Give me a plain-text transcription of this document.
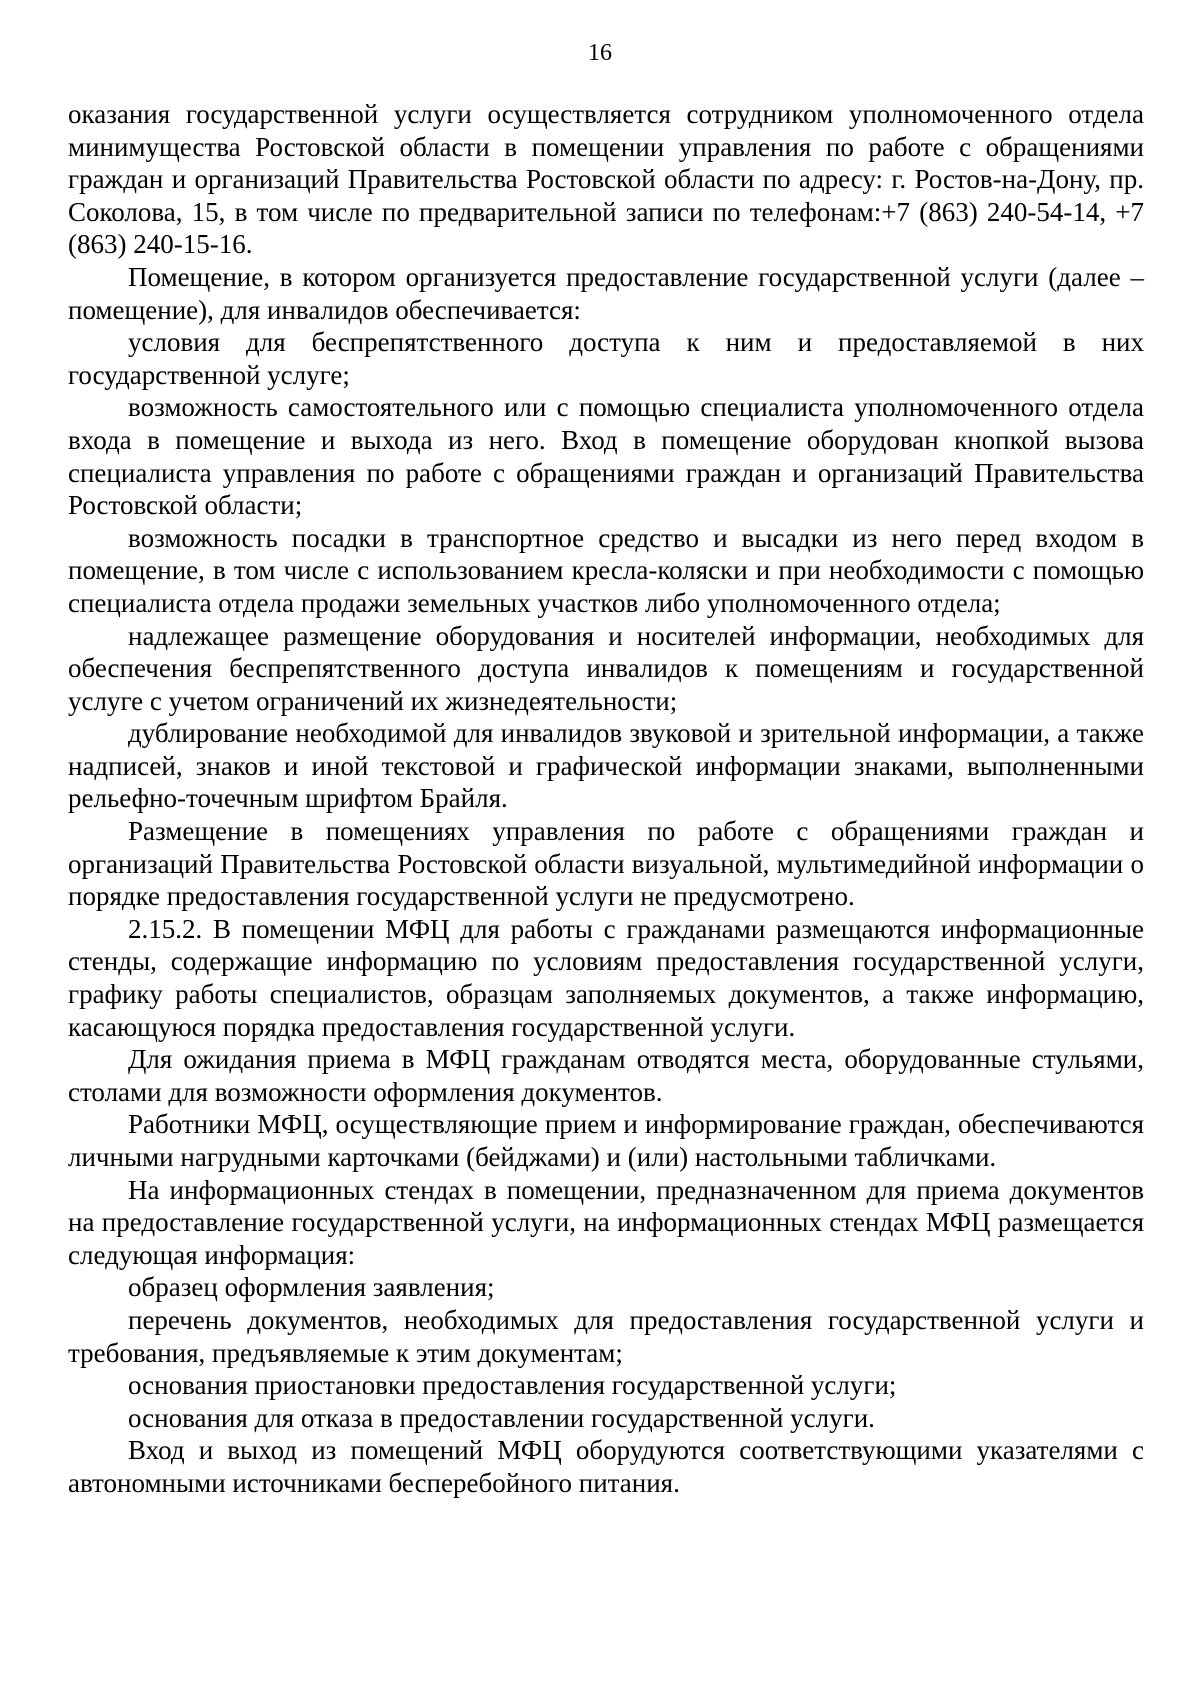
16

оказания государственной услуги осуществляется сотрудником уполномоченного отдела минимущества Ростовской области в помещении управления по работе с обращениями граждан и организаций Правительства Ростовской области по адресу: г. Ростов-на-Дону, пр. Соколова, 15, в том числе по предварительной записи по телефонам:+7 (863) 240-54-14, +7 (863) 240-15-16.

Помещение, в котором организуется предоставление государственной услуги (далее – помещение), для инвалидов обеспечивается:

условия для беспрепятственного доступа к ним и предоставляемой в них государственной услуге;

возможность самостоятельного или с помощью специалиста уполномоченного отдела входа в помещение и выхода из него. Вход в помещение оборудован кнопкой вызова специалиста управления по работе с обращениями граждан и организаций Правительства Ростовской области;

возможность посадки в транспортное средство и высадки из него перед входом в помещение, в том числе с использованием кресла-коляски и при необходимости с помощью специалиста отдела продажи земельных участков либо уполномоченного отдела;

надлежащее размещение оборудования и носителей информации, необходимых для обеспечения беспрепятственного доступа инвалидов к помещениям и государственной услуге с учетом ограничений их жизнедеятельности;

дублирование необходимой для инвалидов звуковой и зрительной информации, а также надписей, знаков и иной текстовой и графической информации знаками, выполненными рельефно-точечным шрифтом Брайля.

Размещение в помещениях управления по работе с обращениями граждан и организаций Правительства Ростовской области визуальной, мультимедийной информации о порядке предоставления государственной услуги не предусмотрено.

2.15.2. В помещении МФЦ для работы с гражданами размещаются информационные стенды, содержащие информацию по условиям предоставления государственной услуги, графику работы специалистов, образцам заполняемых документов, а также информацию, касающуюся порядка предоставления государственной услуги.

Для ожидания приема в МФЦ гражданам отводятся места, оборудованные стульями, столами для возможности оформления документов.

Работники МФЦ, осуществляющие прием и информирование граждан, обеспечиваются личными нагрудными карточками (бейджами) и (или) настольными табличками.

На информационных стендах в помещении, предназначенном для приема документов на предоставление государственной услуги, на информационных стендах МФЦ размещается следующая информация:

образец оформления заявления;

перечень документов, необходимых для предоставления государственной услуги и требования, предъявляемые к этим документам;

основания приостановки предоставления государственной услуги;

основания для отказа в предоставлении государственной услуги.

Вход и выход из помещений МФЦ оборудуются соответствующими указателями с автономными источниками бесперебойного питания.
